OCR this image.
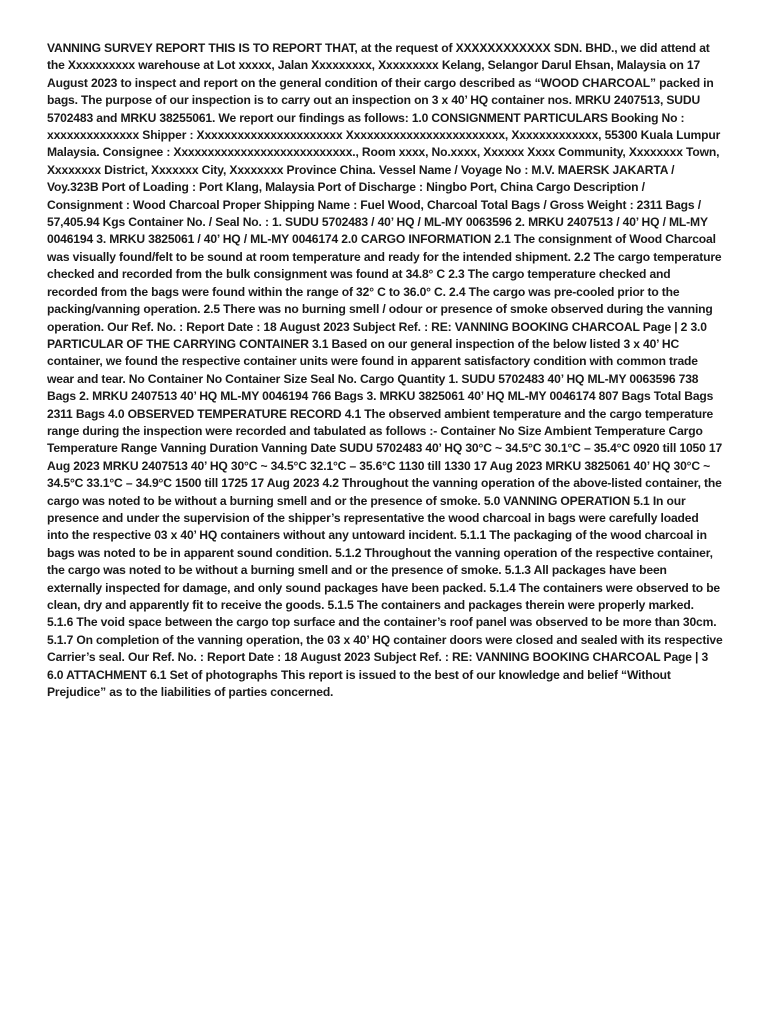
VANNING SURVEY REPORT THIS IS TO REPORT THAT, at the request of XXXXXXXXXXXX SDN. BHD., we did attend at the Xxxxxxxxxx warehouse at Lot xxxxx, Jalan Xxxxxxxxx, Xxxxxxxxx Kelang, Selangor Darul Ehsan, Malaysia on 17 August 2023 to inspect and report on the general condition of their cargo described as “WOOD CHARCOAL” packed in bags. The purpose of our inspection is to carry out an inspection on 3 x 40’ HQ container nos. MRKU 2407513, SUDU 5702483 and MRKU 38255061. We report our findings as follows: 1.0 CONSIGNMENT PARTICULARS Booking No : xxxxxxxxxxxxxx Shipper : Xxxxxxxxxxxxxxxxxxxxxx Xxxxxxxxxxxxxxxxxxxxxxxx, Xxxxxxxxxxxxx, 55300 Kuala Lumpur Malaysia. Consignee : Xxxxxxxxxxxxxxxxxxxxxxxxxxx., Room xxxx, No.xxxx, Xxxxxx Xxxx Community, Xxxxxxxx Town, Xxxxxxxx District, Xxxxxxx City, Xxxxxxxx Province China. Vessel Name / Voyage No : M.V. MAERSK JAKARTA / Voy.323B Port of Loading : Port Klang, Malaysia Port of Discharge : Ningbo Port, China Cargo Description / Consignment : Wood Charcoal Proper Shipping Name : Fuel Wood, Charcoal Total Bags / Gross Weight : 2311 Bags / 57,405.94 Kgs Container No. / Seal No. : 1. SUDU 5702483 / 40’ HQ / ML-MY 0063596 2. MRKU 2407513 / 40’ HQ / ML-MY 0046194 3. MRKU 3825061 / 40’ HQ / ML-MY 0046174 2.0 CARGO INFORMATION 2.1 The consignment of Wood Charcoal was visually found/felt to be sound at room temperature and ready for the intended shipment. 2.2 The cargo temperature checked and recorded from the bulk consignment was found at 34.8° C 2.3 The cargo temperature checked and recorded from the bags were found within the range of 32° C to 36.0° C. 2.4 The cargo was pre-cooled prior to the packing/vanning operation. 2.5 There was no burning smell / odour or presence of smoke observed during the vanning operation. Our Ref. No. : Report Date : 18 August 2023 Subject Ref. : RE: VANNING BOOKING CHARCOAL Page | 2 3.0 PARTICULAR OF THE CARRYING CONTAINER 3.1 Based on our general inspection of the below listed 3 x 40’ HC container, we found the respective container units were found in apparent satisfactory condition with common trade wear and tear. No Container No Container Size Seal No. Cargo Quantity 1. SUDU 5702483 40’ HQ ML-MY 0063596 738 Bags 2. MRKU 2407513 40’ HQ ML-MY 0046194 766 Bags 3. MRKU 3825061 40’ HQ ML-MY 0046174 807 Bags Total Bags 2311 Bags 4.0 OBSERVED TEMPERATURE RECORD 4.1 The observed ambient temperature and the cargo temperature range during the inspection were recorded and tabulated as follows :- Container No Size Ambient Temperature Cargo Temperature Range Vanning Duration Vanning Date SUDU 5702483 40’ HQ 30°C ~ 34.5°C 30.1°C – 35.4°C 0920 till 1050 17 Aug 2023 MRKU 2407513 40’ HQ 30°C ~ 34.5°C 32.1°C – 35.6°C 1130 till 1330 17 Aug 2023 MRKU 3825061 40’ HQ 30°C ~ 34.5°C 33.1°C – 34.9°C 1500 till 1725 17 Aug 2023 4.2 Throughout the vanning operation of the above-listed container, the cargo was noted to be without a burning smell and or the presence of smoke. 5.0 VANNING OPERATION 5.1 In our presence and under the supervision of the shipper’s representative the wood charcoal in bags were carefully loaded into the respective 03 x 40’ HQ containers without any untoward incident. 5.1.1 The packaging of the wood charcoal in bags was noted to be in apparent sound condition. 5.1.2 Throughout the vanning operation of the respective container, the cargo was noted to be without a burning smell and or the presence of smoke. 5.1.3 All packages have been externally inspected for damage, and only sound packages have been packed. 5.1.4 The containers were observed to be clean, dry and apparently fit to receive the goods. 5.1.5 The containers and packages therein were properly marked. 5.1.6 The void space between the cargo top surface and the container’s roof panel was observed to be more than 30cm. 5.1.7 On completion of the vanning operation, the 03 x 40’ HQ container doors were closed and sealed with its respective Carrier’s seal. Our Ref. No. : Report Date : 18 August 2023 Subject Ref. : RE: VANNING BOOKING CHARCOAL Page | 3 6.0 ATTACHMENT 6.1 Set of photographs This report is issued to the best of our knowledge and belief “Without Prejudice” as to the liabilities of parties concerned.
